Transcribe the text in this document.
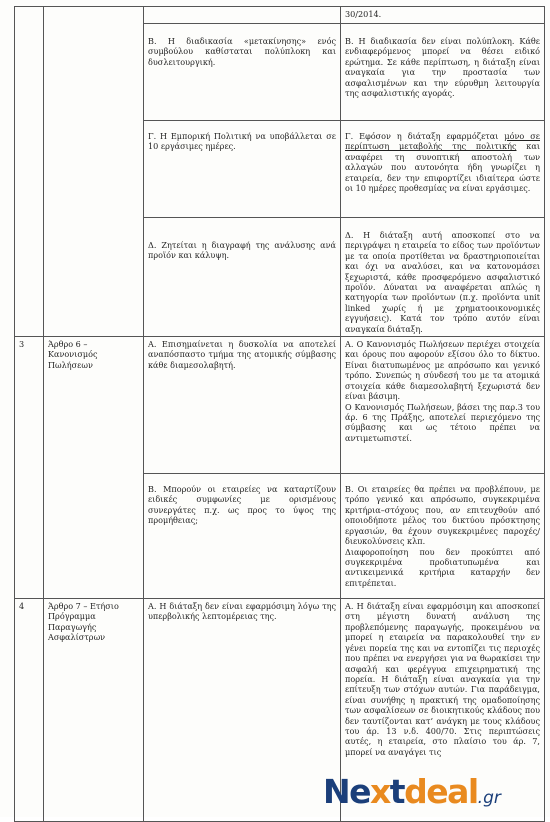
			30/2014.

		Β. Η διαδικασία «μετακίνησης» ενός συμβούλου καθίσταται πολύπλοκη και δυσλειτουργική.	Β. Η διαδικασία δεν είναι πολύπλοκη. Κάθε ενδιαφερόμενος μπορεί να θέσει ειδικό ερώτημα. Σε κάθε περίπτωση, η διάταξη είναι αναγκαία για την προστασία των ασφαλισμένων και την εύρυθμη λειτουργία της ασφαλιστικής αγοράς.

		Γ. Η Εμπορική Πολιτική να υποβάλλεται σε 10 εργάσιμες ημέρες.	Γ. Εφόσον η διάταξη εφαρμόζεται μόνο σε περίπτωση μεταβολής της πολιτικής και αναφέρει τη συνοπτική αποστολή των αλλαγών που αυτονόητα ήδη γνωρίζει η εταιρεία, δεν την επιφορτίζει ιδιαίτερα ώστε οι 10 ημέρες προθεσμίας να είναι εργάσιμες.

		Δ. Ζητείται η διαγραφή της ανάλυσης ανά προϊόν και κάλυψη.	Δ. Η διάταξη αυτή αποσκοπεί στο να περιγράψει η εταιρεία το είδος των προϊόντων με τα οποία προτίθεται να δραστηριοποιείται και όχι να αναλύσει, και να κατονομάσει ξεχωριστά, κάθε προσφερόμενο ασφαλιστικό προϊόν. Δύναται να αναφέρεται απλώς η κατηγορία των προϊόντων (π.χ. προϊόντα unit linked χωρίς ή με χρηματοοικονομικές εγγυήσεις). Κατά τον τρόπο αυτόν είναι αναγκαία διάταξη.

3	Άρθρο 6 – Κανονισμός Πωλήσεων	Α. Επισημαίνεται η δυσκολία να αποτελεί αναπόσπαστο τμήμα της ατομικής σύμβασης κάθε διαμεσολαβητή.	Α. Ο Κανονισμός Πωλήσεων περιέχει στοιχεία και όρους που αφορούν εξίσου όλο το δίκτυο. Είναι διατυπωμένος με απρόσωπο και γενικό τρόπο. Συνεπώς η σύνδεσή του με τα ατομικά στοιχεία κάθε διαμεσολαβητή ξεχωριστά δεν είναι βάσιμη.

Ο Κανονισμός Πωλήσεων, βάσει της παρ.3 του άρ. 6 της Πράξης, αποτελεί περιεχόμενο της σύμβασης και ως τέτοιο πρέπει να αντιμετωπιστεί.

		Β. Μπορούν οι εταιρείες να καταρτίζουν ειδικές συμφωνίες με ορισμένους συνεργάτες π.χ. ως προς το ύψος της προμήθειας;	Β. Οι εταιρείες θα πρέπει να προβλέπουν, με τρόπο γενικό και απρόσωπο, συγκεκριμένα κριτήρια–στόχους που, αν επιτευχθούν από οποιοδήποτε μέλος του δικτύου πρόσκτησης εργασιών, θα έχουν συγκεκριμένες παροχές/διευκολύνσεις κλπ.

Διαφοροποίηση που δεν προκύπτει από συγκεκριμένα προδιατυπωμένα και αντικειμενικά κριτήρια καταρχήν δεν επιτρέπεται.

4	Άρθρο 7 – Ετήσιο Πρόγραμμα Παραγωγής Ασφαλίστρων	Α. Η διάταξη δεν είναι εφαρμόσιμη λόγω της υπερβολικής λεπτομέρειας της.	Α. Η διάταξη είναι εφαρμόσιμη και αποσκοπεί στη μέγιστη δυνατή ανάλυση της προβλεπόμενης παραγωγής, προκειμένου να μπορεί η εταιρεία να παρακολουθεί την εν γένει πορεία της και να εντοπίζει τις περιοχές που πρέπει να ενεργήσει για να θωρακίσει την ασφαλή και φερέγγυα επιχειρηματική της πορεία. Η διάταξη είναι αναγκαία για την επίτευξη των στόχων αυτών. Για παράδειγμα, είναι συνήθης η πρακτική της ομαδοποίησης των ασφαλίσεων σε διοικητικούς κλάδους που δεν ταυτίζονται κατ’ ανάγκη με τους κλάδους του άρ. 13 ν.δ. 400/70. Στις περιπτώσεις αυτές, η εταιρεία, στο πλαίσιο του άρ. 7, μπορεί να αναγάγει τις
Nextdeal.gr
